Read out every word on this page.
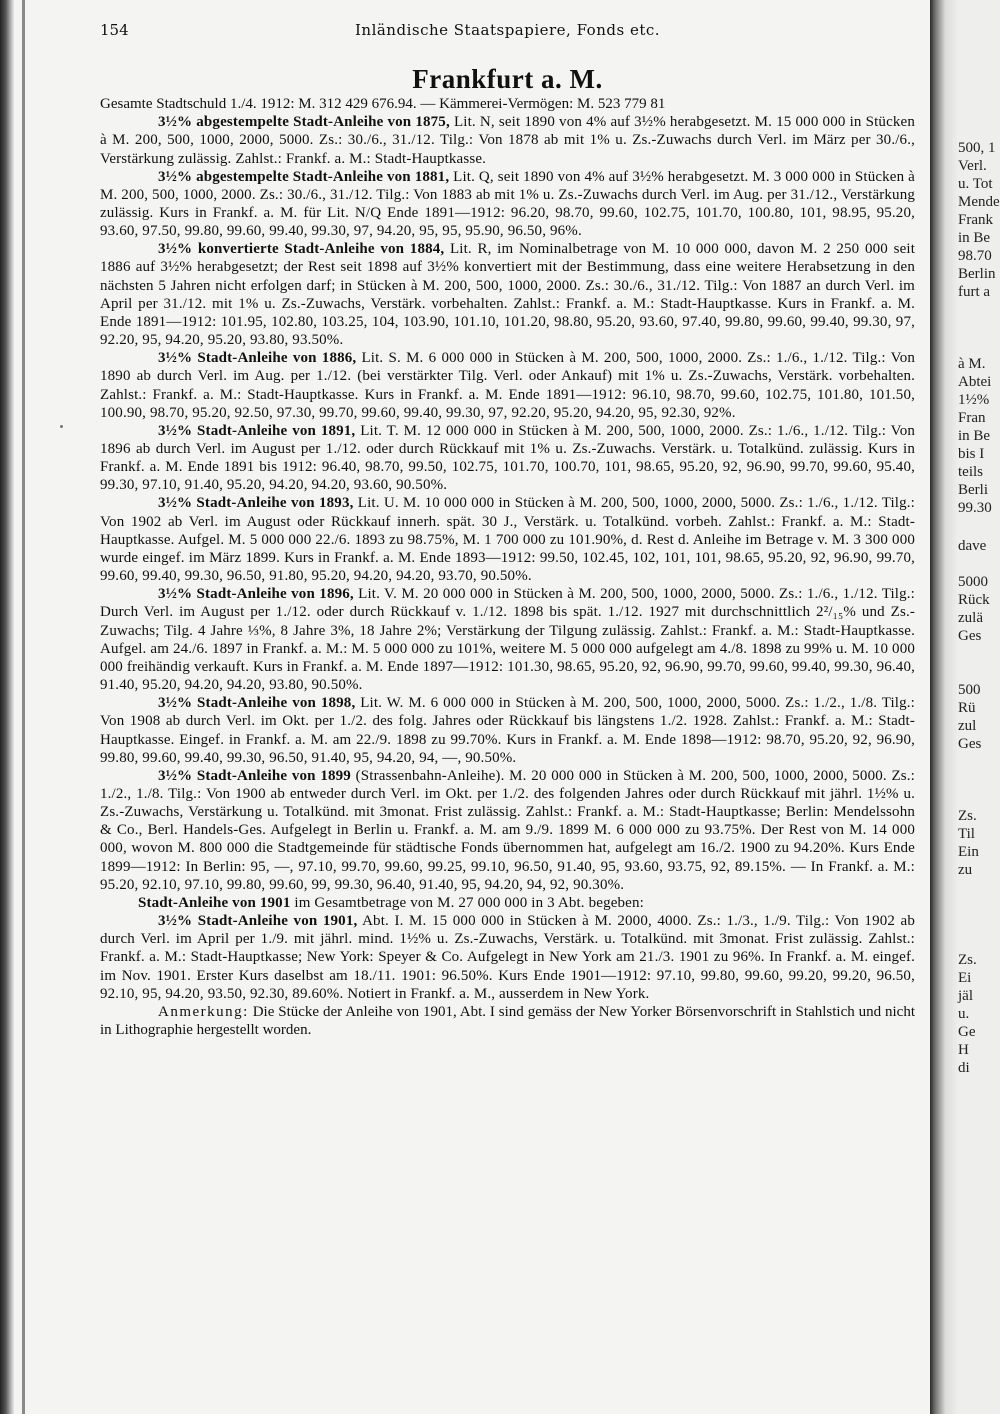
154	Inländische Staatspapiere, Fonds etc.
Frankfurt a. M.
Gesamte Stadtschuld 1./4. 1912: M. 312 429 676.94. — Kämmerei-Vermögen: M. 523 779 81

3½% abgestempelte Stadt-Anleihe von 1875, Lit. N, seit 1890 von 4% auf 3½% herabgesetzt. M. 15 000 000 in Stücken à M. 200, 500, 1000, 2000, 5000. Zs.: 30./6., 31./12. Tilg.: Von 1878 ab mit 1% u. Zs.-Zuwachs durch Verl. im März per 30./6., Verstärkung zulässig. Zahlst.: Frankf. a. M.: Stadt-Hauptkasse.

3½% abgestempelte Stadt-Anleihe von 1881, Lit. Q, seit 1890 von 4% auf 3½% herabgesetzt. M. 3 000 000 in Stücken à M. 200, 500, 1000, 2000. Zs.: 30./6., 31./12. Tilg.: Von 1883 ab mit 1% u. Zs.-Zuwachs durch Verl. im Aug. per 31./12., Verstärkung zulässig. Kurs in Frankf. a. M. für Lit. N/Q Ende 1891—1912: 96.20, 98.70, 99.60, 102.75, 101.70, 100.80, 101, 98.95, 95.20, 93.60, 97.50, 99.80, 99.60, 99.40, 99.30, 97, 94.20, 95, 95, 95.90, 96.50, 96%.

3½% konvertierte Stadt-Anleihe von 1884, Lit. R, im Nominalbetrage von M. 10 000 000, davon M. 2 250 000 seit 1886 auf 3½% herabgesetzt; der Rest seit 1898 auf 3½% konvertiert mit der Bestimmung, dass eine weitere Herabsetzung in den nächsten 5 Jahren nicht erfolgen darf; in Stücken à M. 200, 500, 1000, 2000. Zs.: 30./6., 31./12. Tilg.: Von 1887 an durch Verl. im April per 31./12. mit 1% u. Zs.-Zuwachs, Verstärk. vorbehalten. Zahlst.: Frankf. a. M.: Stadt-Hauptkasse. Kurs in Frankf. a. M. Ende 1891—1912: 101.95, 102.80, 103.25, 104, 103.90, 101.10, 101.20, 98.80, 95.20, 93.60, 97.40, 99.80, 99.60, 99.40, 99.30, 97, 92.20, 95, 94.20, 95.20, 93.80, 93.50%.

3½% Stadt-Anleihe von 1886, Lit. S. M. 6 000 000 in Stücken à M. 200, 500, 1000, 2000. Zs.: 1./6., 1./12. Tilg.: Von 1890 ab durch Verl. im Aug. per 1./12. (bei verstärkter Tilg. Verl. oder Ankauf) mit 1% u. Zs.-Zuwachs, Verstärk. vorbehalten. Zahlst.: Frankf. a. M.: Stadt-Hauptkasse. Kurs in Frankf. a. M. Ende 1891—1912: 96.10, 98.70, 99.60, 102.75, 101.80, 101.50, 100.90, 98.70, 95.20, 92.50, 97.30, 99.70, 99.60, 99.40, 99.30, 97, 92.20, 95.20, 94.20, 95, 92.30, 92%.

3½% Stadt-Anleihe von 1891, Lit. T. M. 12 000 000 in Stücken à M. 200, 500, 1000, 2000. Zs.: 1./6., 1./12. Tilg.: Von 1896 ab durch Verl. im August per 1./12. oder durch Rückkauf mit 1% u. Zs.-Zuwachs. Verstärk. u. Totalkünd. zulässig. Kurs in Frankf. a. M. Ende 1891 bis 1912: 96.40, 98.70, 99.50, 102.75, 101.70, 100.70, 101, 98.65, 95.20, 92, 96.90, 99.70, 99.60, 95.40, 99.30, 97.10, 91.40, 95.20, 94.20, 94.20, 93.60, 90.50%.

3½% Stadt-Anleihe von 1893, Lit. U. M. 10 000 000 in Stücken à M. 200, 500, 1000, 2000, 5000. Zs.: 1./6., 1./12. Tilg.: Von 1902 ab Verl. im August oder Rückkauf innerh. spät. 30 J., Verstärk. u. Totalkünd. vorbeh. Zahlst.: Frankf. a. M.: Stadt-Hauptkasse. Aufgel. M. 5 000 000 22./6. 1893 zu 98.75%, M. 1 700 000 zu 101.90%, d. Rest d. Anleihe im Betrage v. M. 3 300 000 wurde eingef. im März 1899. Kurs in Frankf. a. M. Ende 1893—1912: 99.50, 102.45, 102, 101, 101, 98.65, 95.20, 92, 96.90, 99.70, 99.60, 99.40, 99.30, 96.50, 91.80, 95.20, 94.20, 94.20, 93.70, 90.50%.

3½% Stadt-Anleihe von 1896, Lit. V. M. 20 000 000 in Stücken à M. 200, 500, 1000, 2000, 5000. Zs.: 1./6., 1./12. Tilg.: Durch Verl. im August per 1./12. oder durch Rückkauf v. 1./12. 1898 bis spät. 1./12. 1927 mit durchschnittlich 2²/₁₅% und Zs.-Zuwachs; Tilg. 4 Jahre ⅓%, 8 Jahre 3%, 18 Jahre 2%; Verstärkung der Tilgung zulässig. Zahlst.: Frankf. a. M.: Stadt-Hauptkasse. Aufgel. am 24./6. 1897 in Frankf. a. M.: M. 5 000 000 zu 101%, weitere M. 5 000 000 aufgelegt am 4./8. 1898 zu 99% u. M. 10 000 000 freihändig verkauft. Kurs in Frankf. a. M. Ende 1897—1912: 101.30, 98.65, 95.20, 92, 96.90, 99.70, 99.60, 99.40, 99.30, 96.40, 91.40, 95.20, 94.20, 94.20, 93.80, 90.50%.

3½% Stadt-Anleihe von 1898, Lit. W. M. 6 000 000 in Stücken à M. 200, 500, 1000, 2000, 5000. Zs.: 1./2., 1./8. Tilg.: Von 1908 ab durch Verl. im Okt. per 1./2. des folg. Jahres oder Rückkauf bis längstens 1./2. 1928. Zahlst.: Frankf. a. M.: Stadt-Hauptkasse. Eingef. in Frankf. a. M. am 22./9. 1898 zu 99.70%. Kurs in Frankf. a. M. Ende 1898—1912: 98.70, 95.20, 92, 96.90, 99.80, 99.60, 99.40, 99.30, 96.50, 91.40, 95, 94.20, 94, —, 90.50%.

3½% Stadt-Anleihe von 1899 (Strassenbahn-Anleihe). M. 20 000 000 in Stücken à M. 200, 500, 1000, 2000, 5000. Zs.: 1./2., 1./8. Tilg.: Von 1900 ab entweder durch Verl. im Okt. per 1./2. des folgenden Jahres oder durch Rückkauf mit jährl. 1½% u. Zs.-Zuwachs, Verstärkung u. Totalkünd. mit 3monat. Frist zulässig. Zahlst.: Frankf. a. M.: Stadt-Hauptkasse; Berlin: Mendelssohn & Co., Berl. Handels-Ges. Aufgelegt in Berlin u. Frankf. a. M. am 9./9. 1899 M. 6 000 000 zu 93.75%. Der Rest von M. 14 000 000, wovon M. 800 000 die Stadtgemeinde für städtische Fonds übernommen hat, aufgelegt am 16./2. 1900 zu 94.20%. Kurs Ende 1899—1912: In Berlin: 95, —, 97.10, 99.70, 99.60, 99.25, 99.10, 96.50, 91.40, 95, 93.60, 93.75, 92, 89.15%. — In Frankf. a. M.: 95.20, 92.10, 97.10, 99.80, 99.60, 99, 99.30, 96.40, 91.40, 95, 94.20, 94, 92, 90.30%.

Stadt-Anleihe von 1901 im Gesamtbetrage von M. 27 000 000 in 3 Abt. begeben:

3½% Stadt-Anleihe von 1901, Abt. I. M. 15 000 000 in Stücken à M. 2000, 4000. Zs.: 1./3., 1./9. Tilg.: Von 1902 ab durch Verl. im April per 1./9. mit jährl. mind. 1½% u. Zs.-Zuwachs, Verstärk. u. Totalkünd. mit 3monat. Frist zulässig. Zahlst.: Frankf. a. M.: Stadt-Hauptkasse; New York: Speyer & Co. Aufgelegt in New York am 21./3. 1901 zu 96%. In Frankf. a. M. eingef. im Nov. 1901. Erster Kurs daselbst am 18./11. 1901: 96.50%. Kurs Ende 1901—1912: 97.10, 99.80, 99.60, 99.20, 99.20, 96.50, 92.10, 95, 94.20, 93.50, 92.30, 89.60%. Notiert in Frankf. a. M., ausserdem in New York.

Anmerkung: Die Stücke der Anleihe von 1901, Abt. I sind gemäss der New Yorker Börsenvorschrift in Stahlstich und nicht in Lithographie hergestellt worden.

500, 1
Verl.
u. Tot
Mende
Frank
in Be
98.70
Berlin
furt a
à M.
Abtei
1½%
Fran
in Be
bis I
teils
Berli
99.30
dave
5000
Rück
zulä
Ges
500
Rü
zul
Ges
Zs.
Til
Ein
zu
Zs.
Ei
jäl
u.
Ge
H
di
